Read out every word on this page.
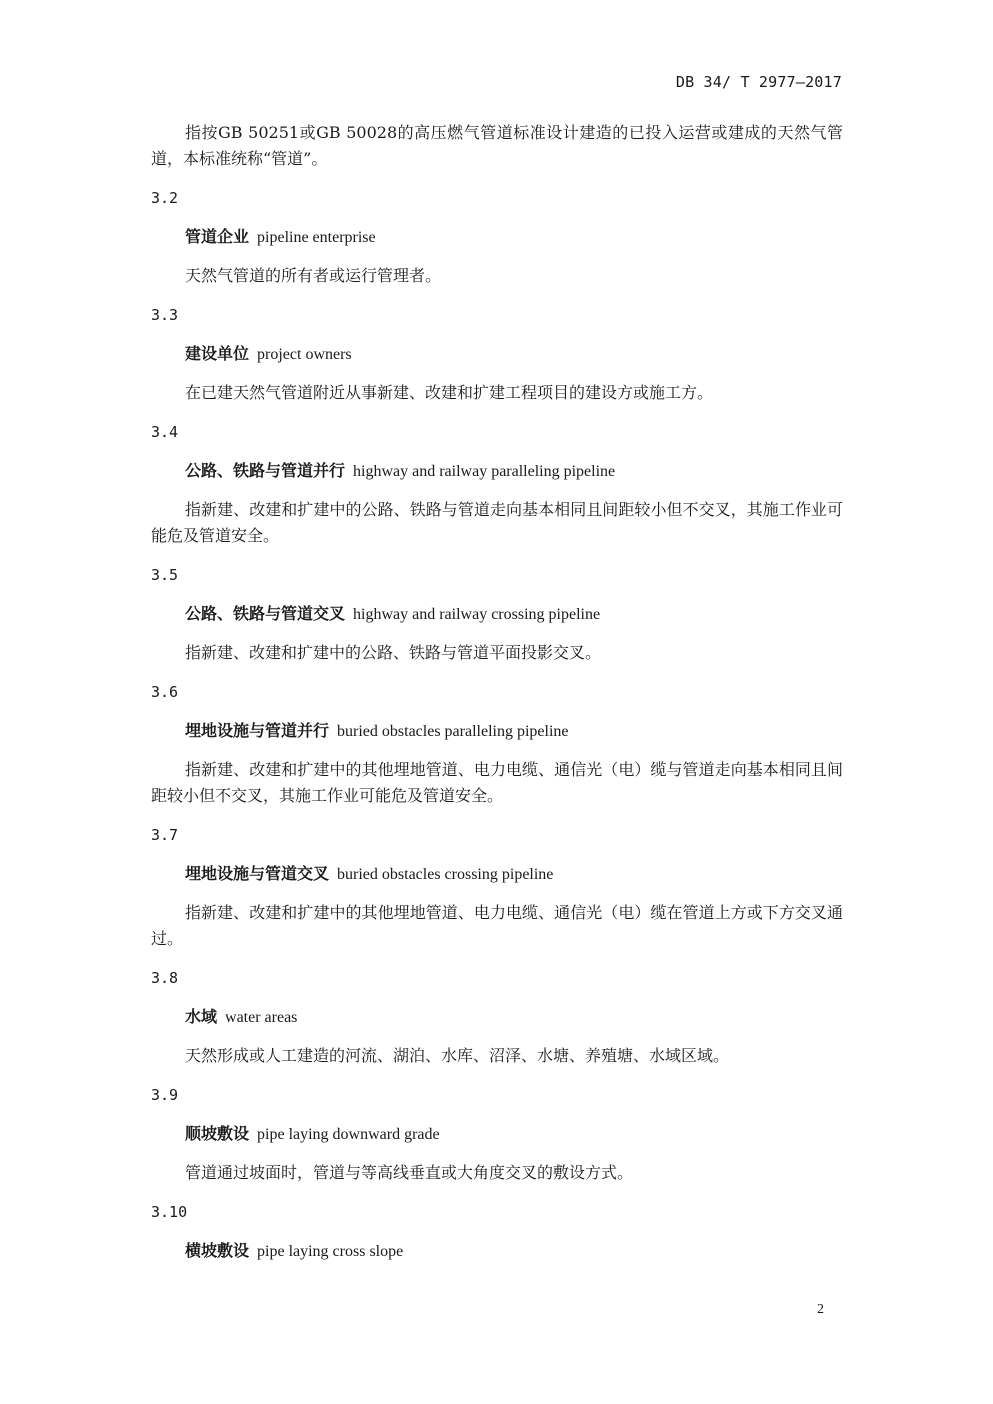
DB 34/ T 2977—2017

指按GB 50251或GB 50028的高压燃气管道标准设计建造的已投入运营或建成的天然气管道，本标准统称“管道”。

3.2
管道企业 pipeline enterprise

天然气管道的所有者或运行管理者。

3.3
建设单位 project owners

在已建天然气管道附近从事新建、改建和扩建工程项目的建设方或施工方。

3.4
公路、铁路与管道并行 highway and railway paralleling pipeline

指新建、改建和扩建中的公路、铁路与管道走向基本相同且间距较小但不交叉，其施工作业可能危及管道安全。

3.5
公路、铁路与管道交叉 highway and railway crossing pipeline

指新建、改建和扩建中的公路、铁路与管道平面投影交叉。

3.6
埋地设施与管道并行 buried obstacles paralleling pipeline

指新建、改建和扩建中的其他埋地管道、电力电缆、通信光（电）缆与管道走向基本相同且间距较小但不交叉，其施工作业可能危及管道安全。

3.7
埋地设施与管道交叉 buried obstacles crossing pipeline

指新建、改建和扩建中的其他埋地管道、电力电缆、通信光（电）缆在管道上方或下方交叉通过。

3.8
水域 water areas

天然形成或人工建造的河流、湖泊、水库、沼泽、水塘、养殖塘、水域区域。

3.9
顺坡敷设 pipe laying downward grade

管道通过坡面时，管道与等高线垂直或大角度交叉的敷设方式。

3.10
横坡敷设 pipe laying cross slope
2
